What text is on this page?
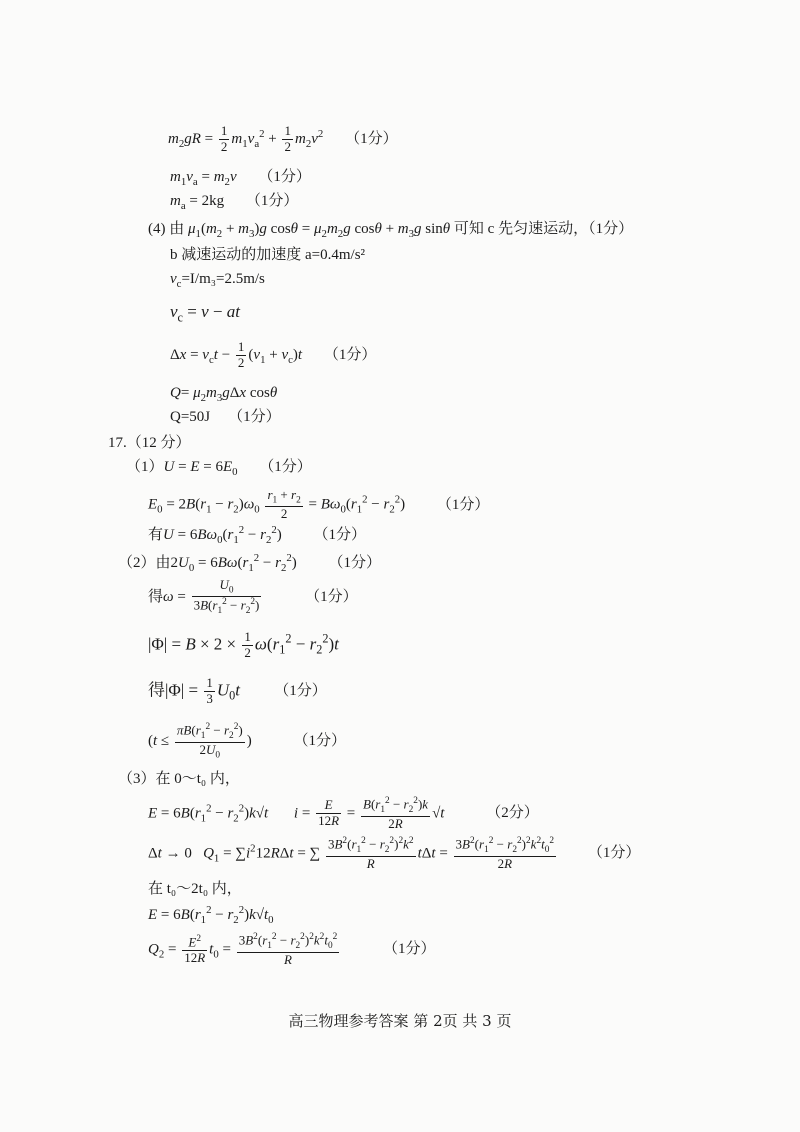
$m_2gR = \frac{1}{2} m_1v_a^2 + \frac{1}{2} m_2v^2$ （1分）
$m_1v_a = m_2v$ （1分）
$m_a = 2kg$ （1分）
(4) 由 $\mu_1(m_2 + m_3)g$ $\cos\theta = \mu_2m_2g$ $\cos\theta + m_3g$ sinθ 可知 c 先匀速运动，（1分）
b 减速运动的加速度 a=0.4m/s²
$v_c=I/m_3=2.5m/s$
$v_c = v$ − at
$\Delta x = v_ct - \frac{1}{2} (v_1 + v_c)t$ （1分）
$Q= \mu_2m_3g\Delta x$ cosθ
Q=50J （1分）
17.（12 分）
$(1)U = E = 6E_0$ （1分）
$E_0 = 2B(r_1 - r_2)\omega_0 \frac{r_1 + r_2}{2} = B\omega_0(r_1^2 - r_2^2)$ （1分）
有$U = 6B\omega_0(r_1^2 - r_2^2)$ （1分）
（2）由$2U_0 = 6B\omega(r_1^2 - r_2^2)$ （1分）
得$\omega = \frac{U_0}{3B(r_1^2 - r_2^2)}$	（1分）
$|\Phi| = B \times 2 \times \frac{1}{2} \omega(r_1^2 - r_2^2)t$
得$|\Phi| = \frac{1}{3} U_0t$ （1分）
($t \le \frac{\pi B(r_1^2 - r_2^2)}{2U_0}$ )	（1分）
（3）在 0～t₀ 内，
$E = 6B(r_1^2 - r_2^2)k√t$ $i = \frac{E}{12R} = \frac{B(r_1^2 - r_2^2)k}{2R} √t$	（2分）
Δt → 0   $Q_1 = \sum i^212R\Delta t$ = ∑ $\frac{3B^2(r_1^2 - r_2^2)^2k^2}{R}$ $t\Delta t = \frac{3B^2(r_1^2 - r_2^2)^2k^2t_0^2}{2R} (1$分）
在 t₀～2t₀ 内，
$E = 6B(r_1^2 - r_2^2)k√t_0$
$Q_2 = \frac{E^2}{12R} t_0 = \frac{3B^2(r_1^2 - r_2^2)^2k^2t_0^2}{R}$	（1分）
高三物理参考答案 第 2页 共 3 页
